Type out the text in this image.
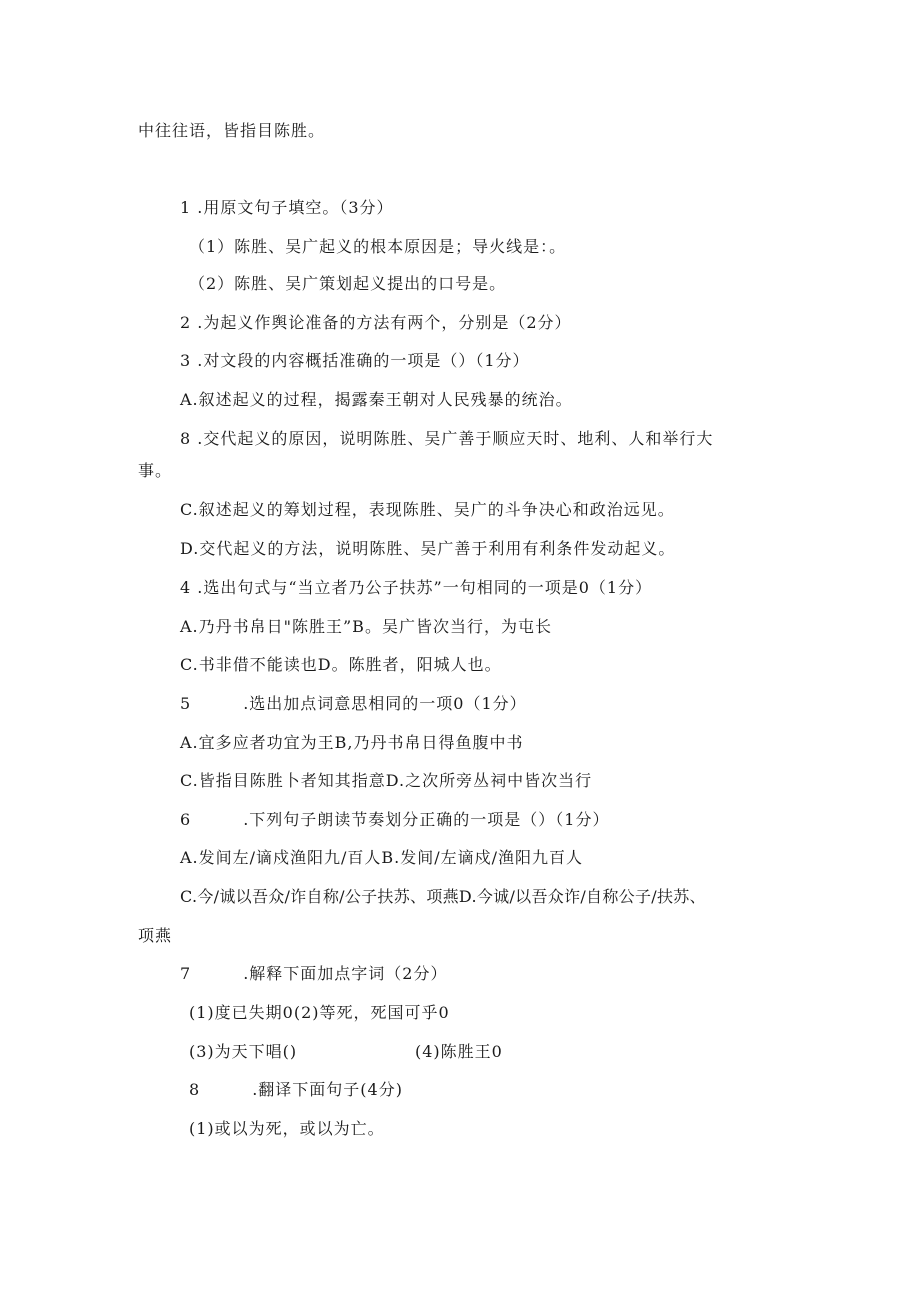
中往往语，皆指目陈胜。
1 .用原文句子填空。（3分）
（1）陈胜、吴广起义的根本原因是；导火线是：。
（2）陈胜、吴广策划起义提出的口号是。
2 .为起义作舆论准备的方法有两个，分别是（2分）
3 .对文段的内容概括准确的一项是（）（1分）
A.叙述起义的过程，揭露秦王朝对人民残暴的统治。
8 .交代起义的原因，说明陈胜、吴广善于顺应天时、地利、人和举行大
事。
C.叙述起义的筹划过程，表现陈胜、吴广的斗争决心和政治远见。
D.交代起义的方法，说明陈胜、吴广善于利用有利条件发动起义。
4 .选出句式与“当立者乃公子扶苏”一句相同的一项是0（1分）
A.乃丹书帛日"陈胜王”B。吴广皆次当行，为屯长
C.书非借不能读也D。陈胜者，阳城人也。
5	.选出加点词意思相同的一项0（1分）
A.宜多应者功宜为王B,乃丹书帛日得鱼腹中书
C.皆指目陈胜卜者知其指意D.之次所旁丛祠中皆次当行
6	.下列句子朗读节奏划分正确的一项是（）（1分）
A.发间左/谪戍渔阳九/百人B.发间/左谪戍/渔阳九百人
C.今/诚以吾众/诈自称/公子扶苏、项燕D.今诚/以吾众诈/自称公子/扶苏、
项燕
7	.解释下面加点字词（2分）
(1)度已失期0(2)等死，死国可乎0
(3)为天下唱()	(4)陈胜王0
8	.翻译下面句子(4分)
(1)或以为死，或以为亡。
